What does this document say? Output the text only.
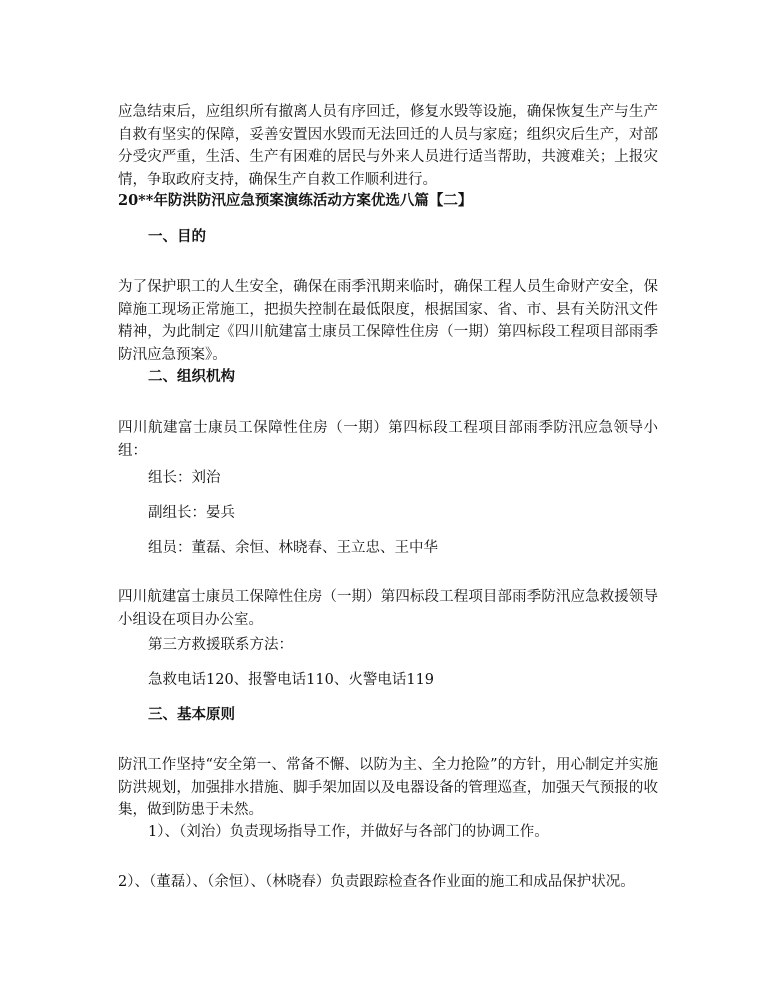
应急结束后，应组织所有撤离人员有序回迁，修复水毁等设施，确保恢复生产与生产自救有坚实的保障，妥善安置因水毁而无法回迁的人员与家庭；组织灾后生产，对部分受灾严重，生活、生产有困难的居民与外来人员进行适当帮助，共渡难关；上报灾情，争取政府支持，确保生产自救工作顺利进行。

20**年防洪防汛应急预案演练活动方案优选八篇【二】

一、目的

为了保护职工的人生安全，确保在雨季汛期来临时，确保工程人员生命财产安全，保障施工现场正常施工，把损失控制在最低限度，根据国家、省、市、县有关防汛文件精神，为此制定《四川航建富士康员工保障性住房（一期）第四标段工程项目部雨季防汛应急预案》。

二、组织机构

四川航建富士康员工保障性住房（一期）第四标段工程项目部雨季防汛应急领导小组：

组长：刘治

副组长：晏兵

组员：董磊、余恒、林晓春、王立忠、王中华

四川航建富士康员工保障性住房（一期）第四标段工程项目部雨季防汛应急救援领导小组设在项目办公室。

第三方救援联系方法：

急救电话120、报警电话110、火警电话119

三、基本原则

防汛工作坚持“安全第一、常备不懈、以防为主、全力抢险”的方针，用心制定并实施防洪规划，加强排水措施、脚手架加固以及电器设备的管理巡查，加强天气预报的收集，做到防患于未然。

1）、（刘治）负责现场指导工作，并做好与各部门的协调工作。

2）、（董磊）、（余恒）、（林晓春）负责跟踪检查各作业面的施工和成品保护状况。
